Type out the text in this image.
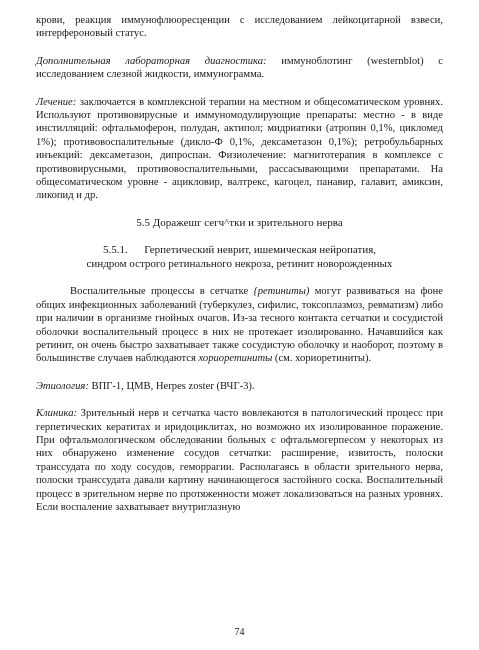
крови, реакция иммунофлюоресценции с исследованием лейкоцитарной взвеси, интерфероновый статус.

Дополнительная лабораторная диагностика: иммуноблотинг (westernblot) с исследованием слезной жидкости, иммунограмма.

Лечение: заключается в комплексной терапии на местном и общесоматическом уровнях. Используют противовирусные и иммуномодулирующие препараты: местно - в виде инстилляций: офтальмоферон, полудан, актипол; мидриатики (атропин 0,1%, цикломед 1%); противовоспалительные (дикло-Ф 0,1%, дексаметазон 0,1%); ретробульбарных инъекций: дексаметазон, дипроспан. Физиолечение: магнитотерапия в комплексе с противовирусными, противовоспалительными, рассасывающими препаратами. На общесоматическом уровне - ацикловир, валтрекс, кагоцел, панавир, галавит, амиксин, ликопид и др.

5.5 Доражешг сегч^тки и зрительного нерва

5.5.1.      Герпетический неврит, ишемическая нейропатия,
синдром острого ретинального некроза, ретинит новорожденных

Воспалительные процессы в сетчатке {ретиниты) могут развиваться на фоне общих инфекционных заболеваний (туберкулез, сифилис, токсоплазмоз, ревматизм) либо при наличии в организме гнойных очагов. Из-за тесного контакта сетчатки и сосудистой оболочки воспалительный процесс в них не протекает изолированно. Начавшийся как ретинит, он очень быстро захватывает также сосудистую оболочку и наоборот, поэтому в большинстве случаев наблюдаются хориоретиниты (см. хориоретиниты).

Этиология: ВПГ-1, ЦМВ, Herpes zoster (ВЧГ-3).

Клиника: Зрительный нерв и сетчатка часто вовлекаются в патологический процесс при герпетических кератитах и иридоциклитах, но возможно их изолированное поражение. При офтальмологическом обследовании больных с офтальмогерпесом у некоторых из них обнаружено изменение сосудов сетчатки: расширение, извитость, полоски транссудата по ходу сосудов, геморрагии. Располагаясь в области зрительного нерва, полоски транссудата давали картину начинающегося застойного соска. Воспалительный процесс в зрительном нерве по протяженности может локализоваться на разных уровнях. Если воспаление захватывает внутриглазную

74
